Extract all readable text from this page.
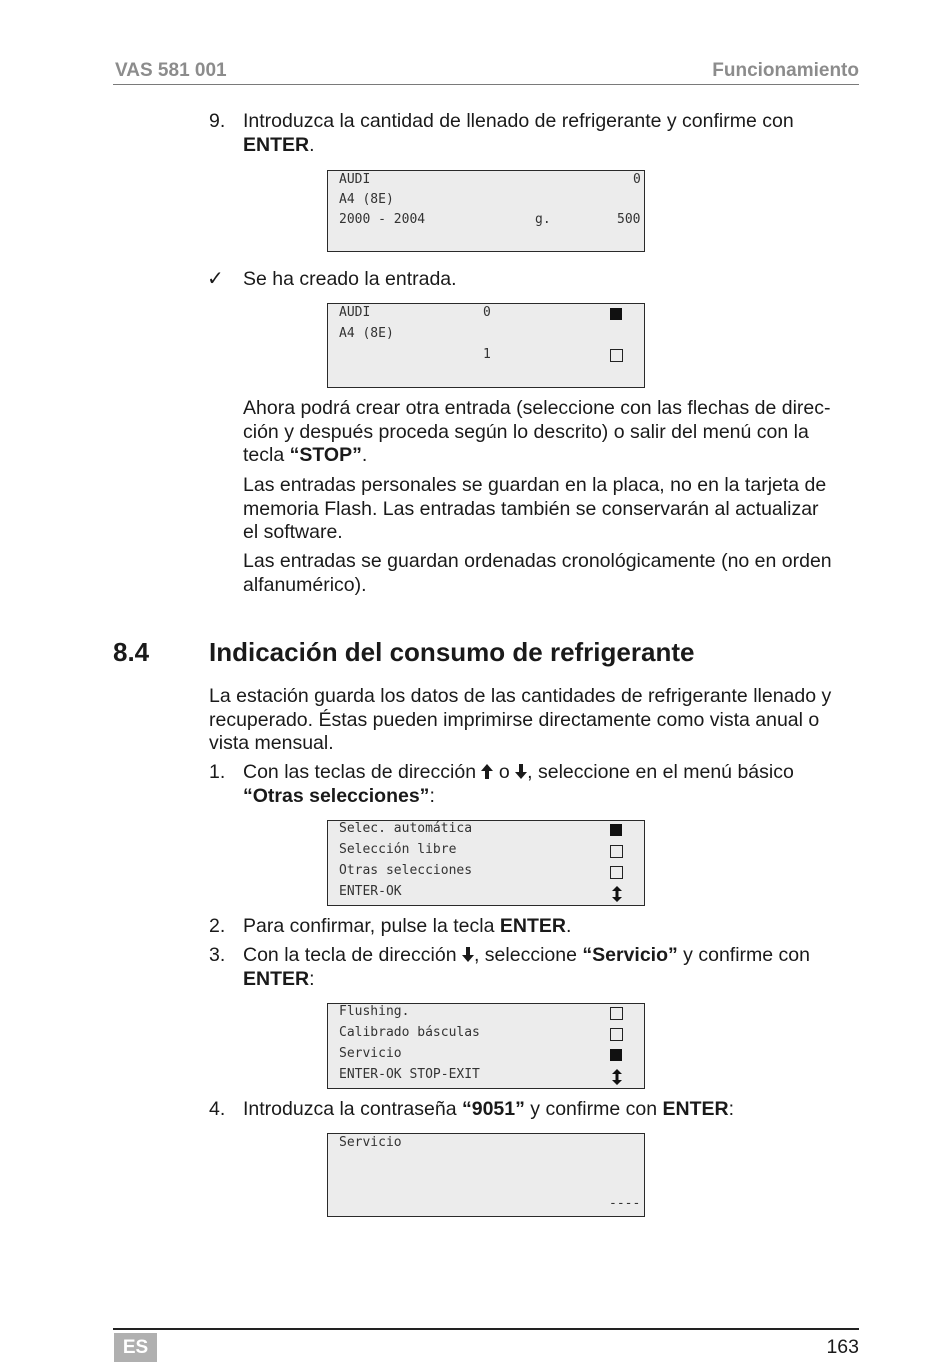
VAS 581 001	Funcionamiento
9. Introduzca la cantidad de llenado de refrigerante y confirme con
ENTER.
AUDI	0
A4 (8E)
2000 - 2004	g.	500
✓ Se ha creado la entrada.
AUDI	0
A4 (8E)
1
Ahora podrá crear otra entrada (seleccione con las flechas de direc-
ción y después proceda según lo descrito) o salir del menú con la
tecla “STOP”.
Las entradas personales se guardan en la placa, no en la tarjeta de
memoria Flash. Las entradas también se conservarán al actualizar
el software.
Las entradas se guardan ordenadas cronológicamente (no en orden
alfanumérico).
8.4 Indicación del consumo de refrigerante
La estación guarda los datos de las cantidades de refrigerante llenado y
recuperado. Éstas pueden imprimirse directamente como vista anual o
vista mensual.
1. Con las teclas de dirección  o , seleccione en el menú básico
“Otras selecciones”:
Selec. automática
Selección libre
Otras selecciones
ENTER-OK
2. Para confirmar, pulse la tecla ENTER.
3. Con la tecla de dirección , seleccione “Servicio” y confirme con
ENTER:
Flushing.
Calibrado básculas
Servicio
ENTER-OK STOP-EXIT
4. Introduzca la contraseña “9051” y confirme con ENTER:
Servicio
----
ES	163
